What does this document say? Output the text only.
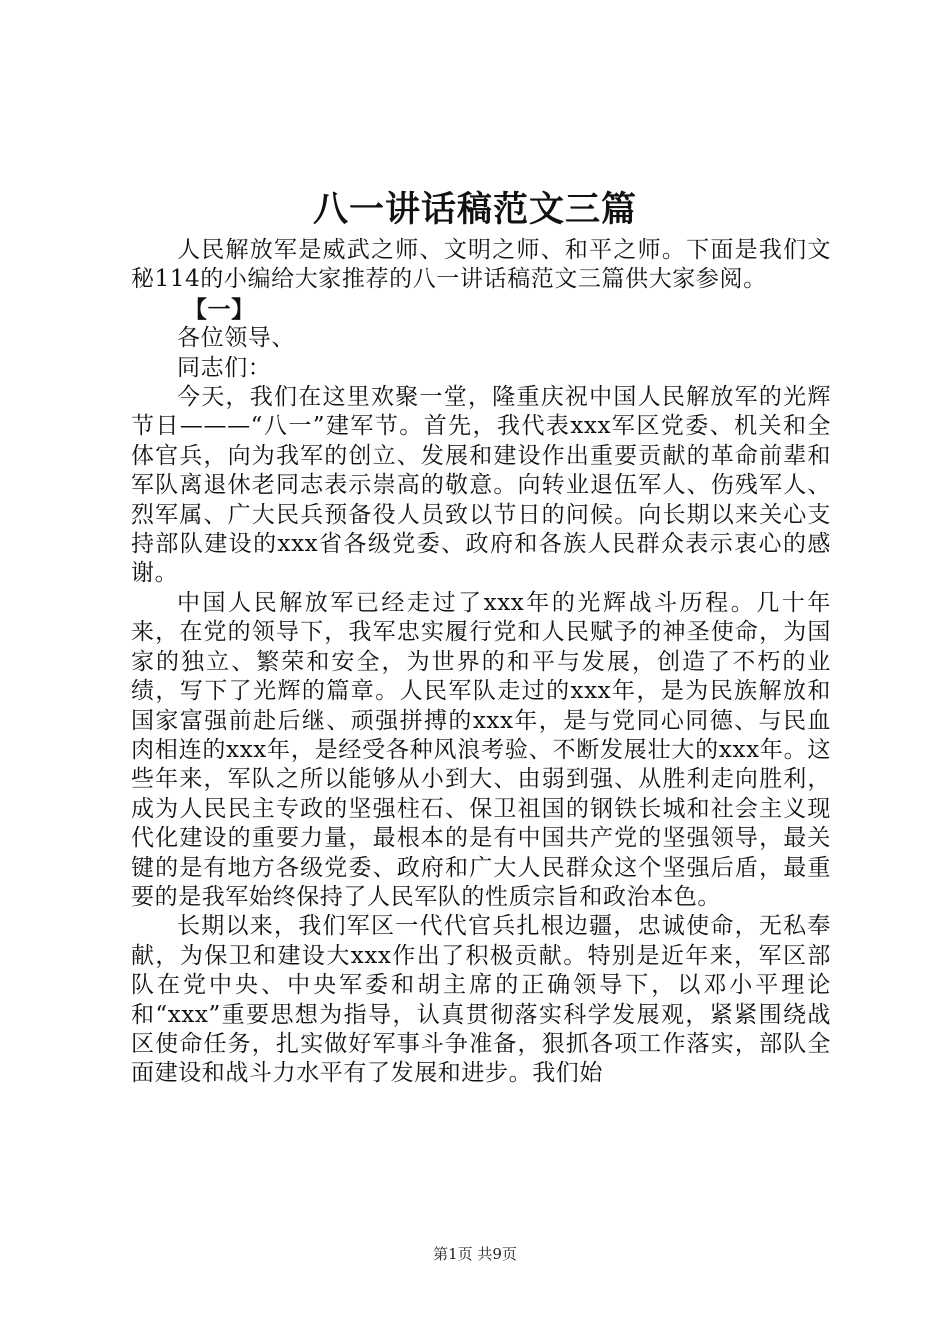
八一讲话稿范文三篇

人民解放军是威武之师、文明之师、和平之师。下面是我们文秘114的小编给大家推荐的八一讲话稿范文三篇供大家参阅。

【一】

各位领导、

同志们：

今天，我们在这里欢聚一堂，隆重庆祝中国人民解放军的光辉节日———“八一”建军节。首先，我代表xxx军区党委、机关和全体官兵，向为我军的创立、发展和建设作出重要贡献的革命前辈和军队离退休老同志表示崇高的敬意。向转业退伍军人、伤残军人、烈军属、广大民兵预备役人员致以节日的问候。向长期以来关心支持部队建设的xxx省各级党委、政府和各族人民群众表示衷心的感谢。

中国人民解放军已经走过了xxx年的光辉战斗历程。几十年来，在党的领导下，我军忠实履行党和人民赋予的神圣使命，为国家的独立、繁荣和安全，为世界的和平与发展，创造了不朽的业绩，写下了光辉的篇章。人民军队走过的xxx年，是为民族解放和国家富强前赴后继、顽强拼搏的xxx年，是与党同心同德、与民血肉相连的xxx年，是经受各种风浪考验、不断发展壮大的xxx年。这些年来，军队之所以能够从小到大、由弱到强、从胜利走向胜利，成为人民民主专政的坚强柱石、保卫祖国的钢铁长城和社会主义现代化建设的重要力量，最根本的是有中国共产党的坚强领导，最关键的是有地方各级党委、政府和广大人民群众这个坚强后盾，最重要的是我军始终保持了人民军队的性质宗旨和政治本色。

长期以来，我们军区一代代官兵扎根边疆，忠诚使命，无私奉献，为保卫和建设大xxx作出了积极贡献。特别是近年来，军区部队在党中央、中央军委和胡主席的正确领导下，以邓小平理论和“xxx”重要思想为指导，认真贯彻落实科学发展观，紧紧围绕战区使命任务，扎实做好军事斗争准备，狠抓各项工作落实，部队全面建设和战斗力水平有了发展和进步。我们始

第1页 共9页
